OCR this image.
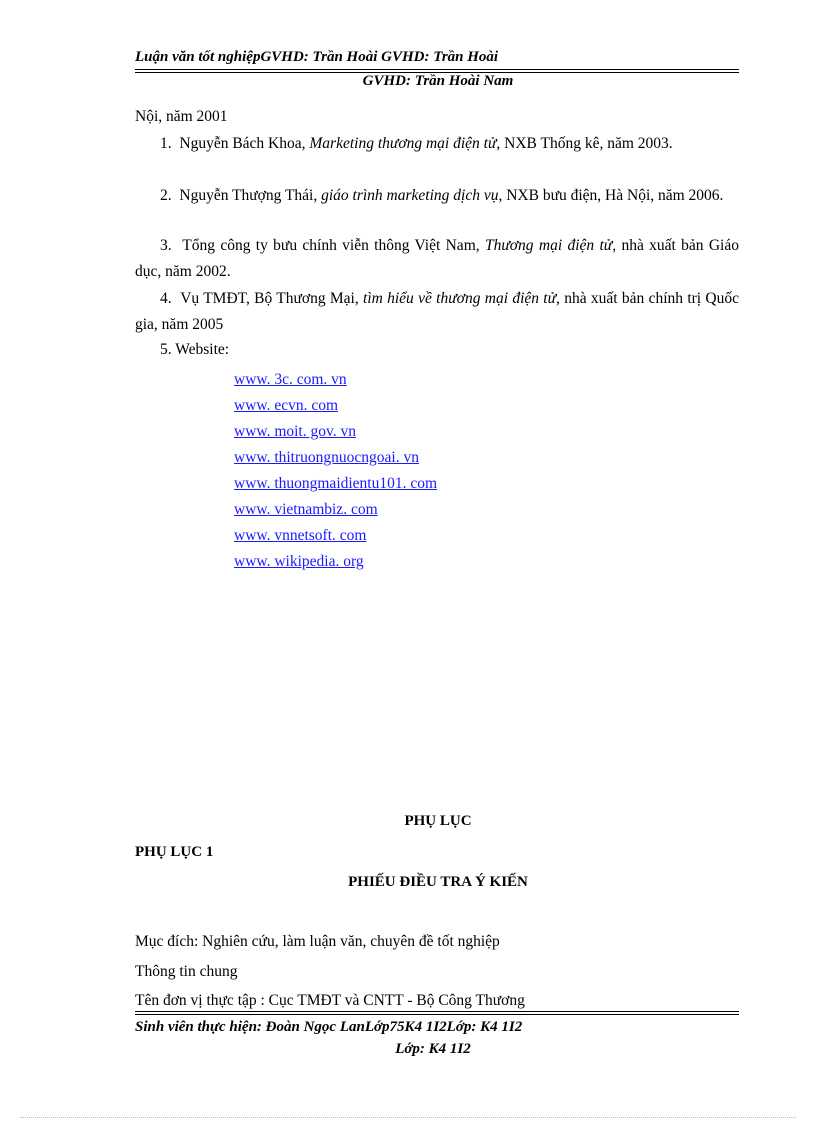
Luận văn tốt nghiệpGVHD: Trần Hoài GVHD: Trần Hoài
GVHD: Trần Hoài Nam
Nội, năm 2001
1. Nguyễn Bách Khoa, Marketing thương mại điện tử, NXB Thống kê, năm 2003.
2. Nguyễn Thượng Thái, giáo trình marketing dịch vụ, NXB bưu điện, Hà Nội, năm 2006.
3. Tổng công ty bưu chính viễn thông Việt Nam, Thương mại điện tử, nhà xuất bản Giáo dục, năm 2002.
4. Vụ TMĐT, Bộ Thương Mại, tìm hiểu về thương mại điện tử, nhà xuất bản chính trị Quốc gia, năm 2005
5. Website:
www. 3c. com. vn
www. ecvn. com
www. moit. gov. vn
www. thitruongnuocngoai. vn
www. thuongmaidientu101. com
www. vietnambiz. com
www. vnnetsoft. com
www. wikipedia. org
PHỤ LỤC
PHỤ LỤC 1
PHIẾU ĐIỀU TRA Ý KIẾN
Mục đích: Nghiên cứu, làm luận văn, chuyên đề tốt nghiệp
Thông tin chung
Tên đơn vị thực tập : Cục TMĐT và CNTT - Bộ Công Thương
Sinh viên thực hiện: Đoàn Ngọc LanLớp75K4 1I2Lớp: K4 1I2
Lớp: K4 1I2
